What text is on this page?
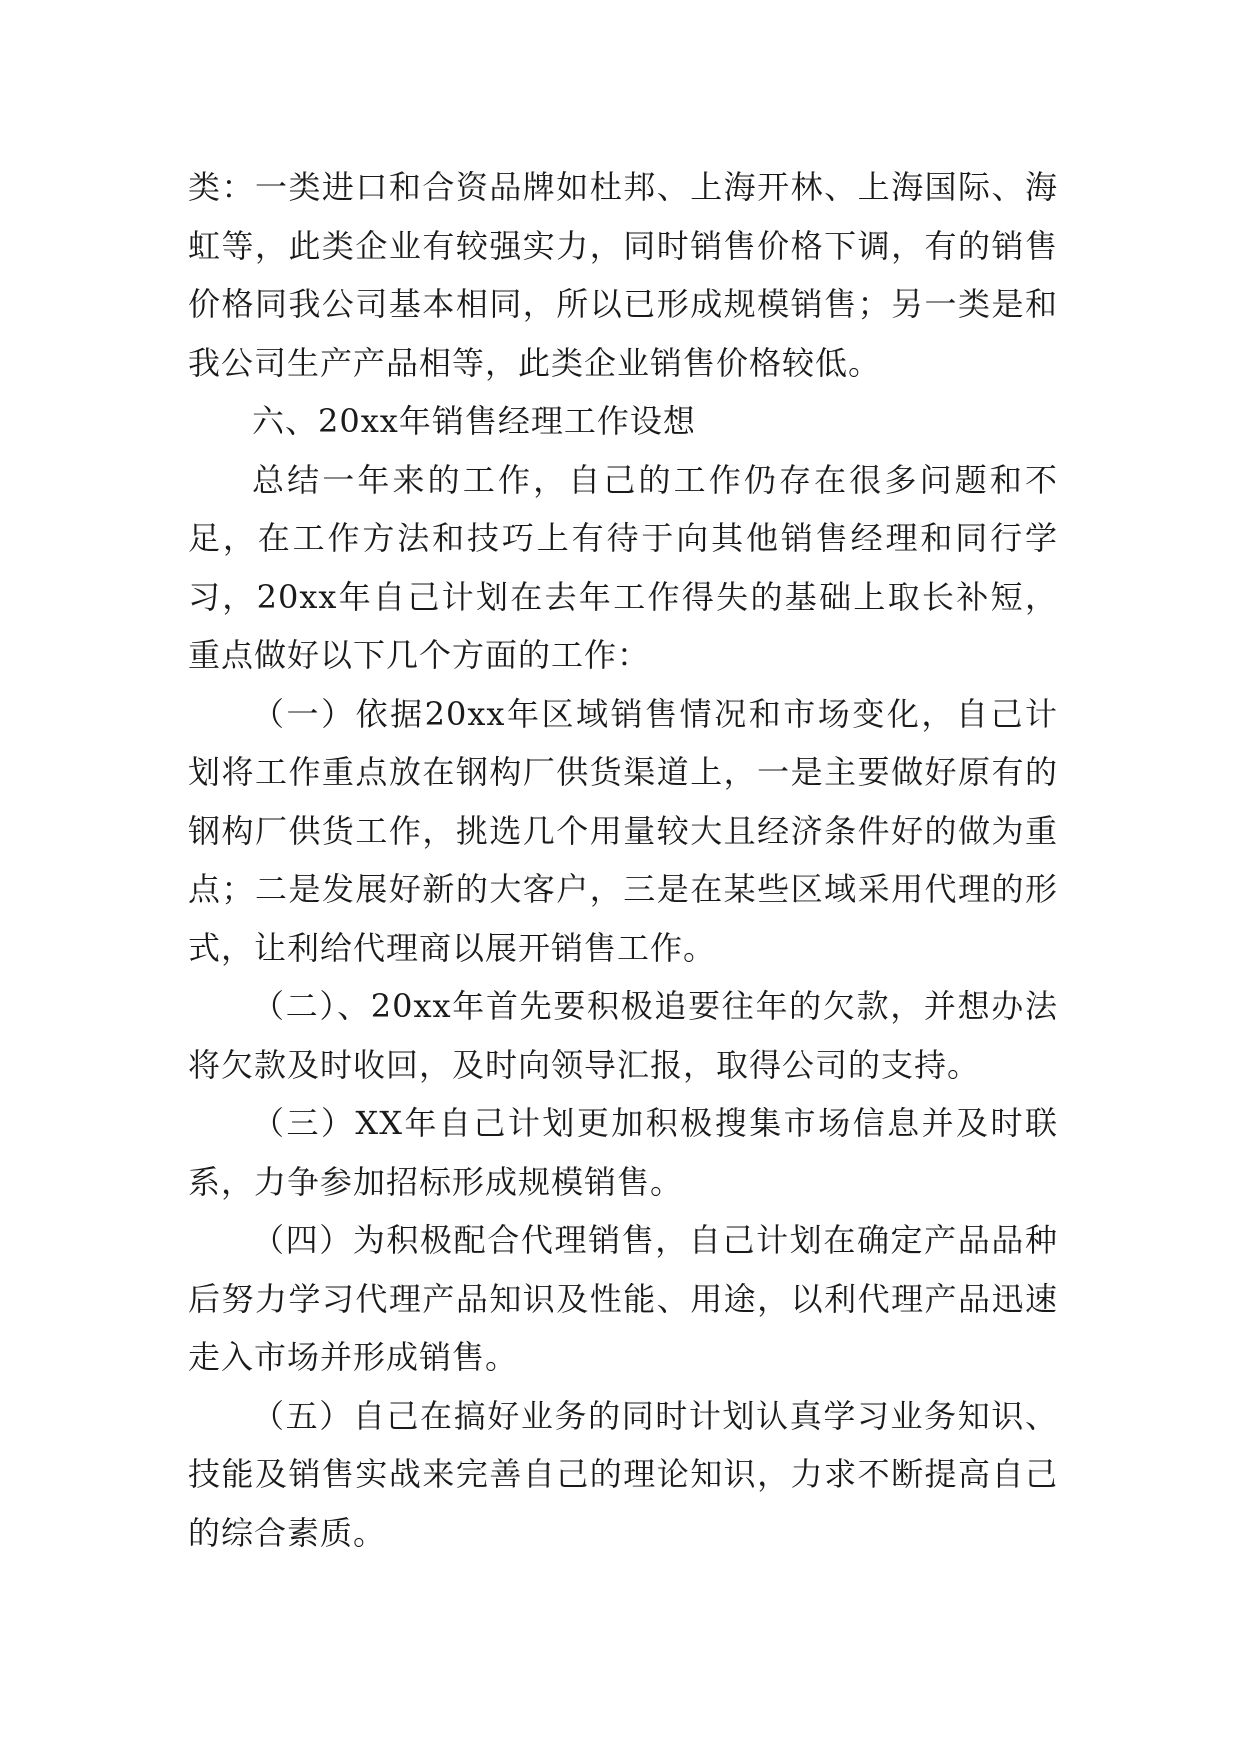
类：一类进口和合资品牌如杜邦、上海开林、上海国际、海虹等，此类企业有较强实力，同时销售价格下调，有的销售价格同我公司基本相同，所以已形成规模销售；另一类是和我公司生产产品相等，此类企业销售价格较低。

六、20xx年销售经理工作设想

总结一年来的工作，自己的工作仍存在很多问题和不足，在工作方法和技巧上有待于向其他销售经理和同行学习，20xx年自己计划在去年工作得失的基础上取长补短，重点做好以下几个方面的工作：

（一）依据20xx年区域销售情况和市场变化，自己计划将工作重点放在钢构厂供货渠道上，一是主要做好原有的钢构厂供货工作，挑选几个用量较大且经济条件好的做为重点；二是发展好新的大客户，三是在某些区域采用代理的形式，让利给代理商以展开销售工作。

（二）、20xx年首先要积极追要往年的欠款，并想办法将欠款及时收回，及时向领导汇报，取得公司的支持。

（三）XX年自己计划更加积极搜集市场信息并及时联系，力争参加招标形成规模销售。

（四）为积极配合代理销售，自己计划在确定产品品种后努力学习代理产品知识及性能、用途，以利代理产品迅速走入市场并形成销售。

（五）自己在搞好业务的同时计划认真学习业务知识、技能及销售实战来完善自己的理论知识，力求不断提高自己的综合素质。
